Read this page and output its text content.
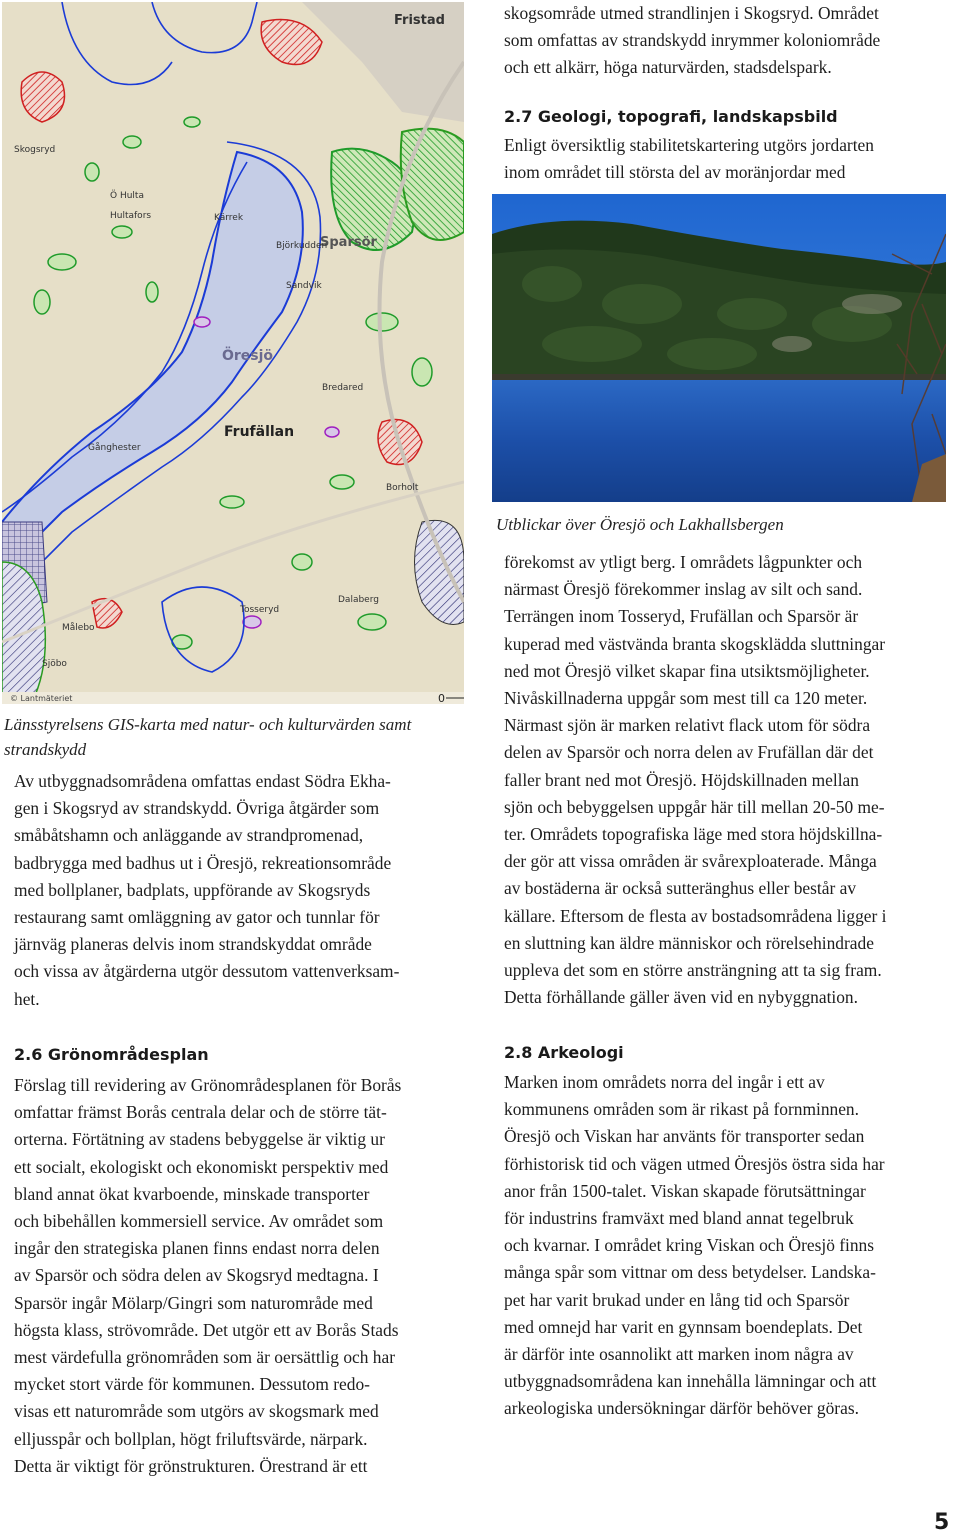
Fristad
Skogsryd
Öresjö
Frufällan
Sparsör
Sandvik
Björkudden
Bredared
Borholt
Tosseryd
Gånghester
Hultafors	Kärrek
Målebo
Ö Hulta
Sjöbo
Dalaberg
© Lantmäteriet	0
Länsstyrelsens GIS-karta med natur- och kulturvärden samt strandskydd
Av utbyggnadsområdena omfattas endast Södra Ekha-
gen i Skogsryd av strandskydd. Övriga åtgärder som
småbåtshamn och anläggande av strandpromenad,
badbrygga med badhus ut i Öresjö, rekreationsområde
med bollplaner, badplats, uppförande av Skogsryds
restaurang samt omläggning av gator och tunnlar för
järnväg planeras delvis inom strandskyddat område
och vissa av åtgärderna utgör dessutom vattenverksam-
het.
2.6 Grönområdesplan
Förslag till revidering av Grönområdesplanen för Borås
omfattar främst Borås centrala delar och de större tät-
orterna. Förtätning av stadens bebyggelse är viktig ur
ett socialt, ekologiskt och ekonomiskt perspektiv med
bland annat ökat kvarboende, minskade transporter
och bibehållen kommersiell service. Av området som
ingår den strategiska planen finns endast norra delen
av Sparsör och södra delen av Skogsryd medtagna. I
Sparsör ingår Mölarp/Gingri som naturområde med
högsta klass, strövområde. Det utgör ett av Borås Stads
mest värdefulla grönområden som är oersättlig och har
mycket stort värde för kommunen. Dessutom redo-
visas ett naturområde som utgörs av skogsmark med
elljusspår och bollplan, högt friluftsvärde, närpark.
Detta är viktigt för grönstrukturen. Örestrand är ett
skogsområde utmed strandlinjen i Skogsryd. Området
som omfattas av strandskydd inrymmer koloniområde
och ett alkärr, höga naturvärden, stadsdelspark.
2.7 Geologi, topografi, landskapsbild
Enligt översiktlig stabilitetskartering utgörs jordarten
inom området till största del av moränjordar med
Utblickar över Öresjö och Lakhallsbergen
förekomst av ytligt berg. I områdets lågpunkter och
närmast Öresjö förekommer inslag av silt och sand.
Terrängen inom Tosseryd, Frufällan och Sparsör är
kuperad med västvända branta skogsklädda sluttningar
ned mot Öresjö vilket skapar fina utsiktsmöjligheter.
Nivåskillnaderna uppgår som mest till ca 120 meter.
Närmast sjön är marken relativt flack utom för södra
delen av Sparsör och norra delen av Frufällan där det
faller brant ned mot Öresjö. Höjdskillnaden mellan
sjön och bebyggelsen uppgår här till mellan 20-50 me-
ter. Områdets topografiska läge med stora höjdskillna-
der gör att vissa områden är svårexploaterade. Många
av bostäderna är också sutteränghus eller består av
källare. Eftersom de flesta av bostadsområdena ligger i
en sluttning kan äldre människor och rörelsehindrade
uppleva det som en större ansträngning att ta sig fram.
Detta förhållande gäller även vid en nybyggnation.
2.8 Arkeologi
Marken inom områdets norra del ingår i ett av
kommunens områden som är rikast på fornminnen.
Öresjö och Viskan har använts för transporter sedan
förhistorisk tid och vägen utmed Öresjös östra sida har
anor från 1500-talet. Viskan skapade förutsättningar
för industrins framväxt med bland annat tegelbruk
och kvarnar. I området kring Viskan och Öresjö finns
många spår som vittnar om dess betydelser. Landska-
pet har varit brukad under en lång tid och Sparsör
med omnejd har varit en gynnsam boendeplats. Det
är därför inte osannolikt att marken inom några av
utbyggnadsområdena kan innehålla lämningar och att
arkeologiska undersökningar därför behöver göras.
5
